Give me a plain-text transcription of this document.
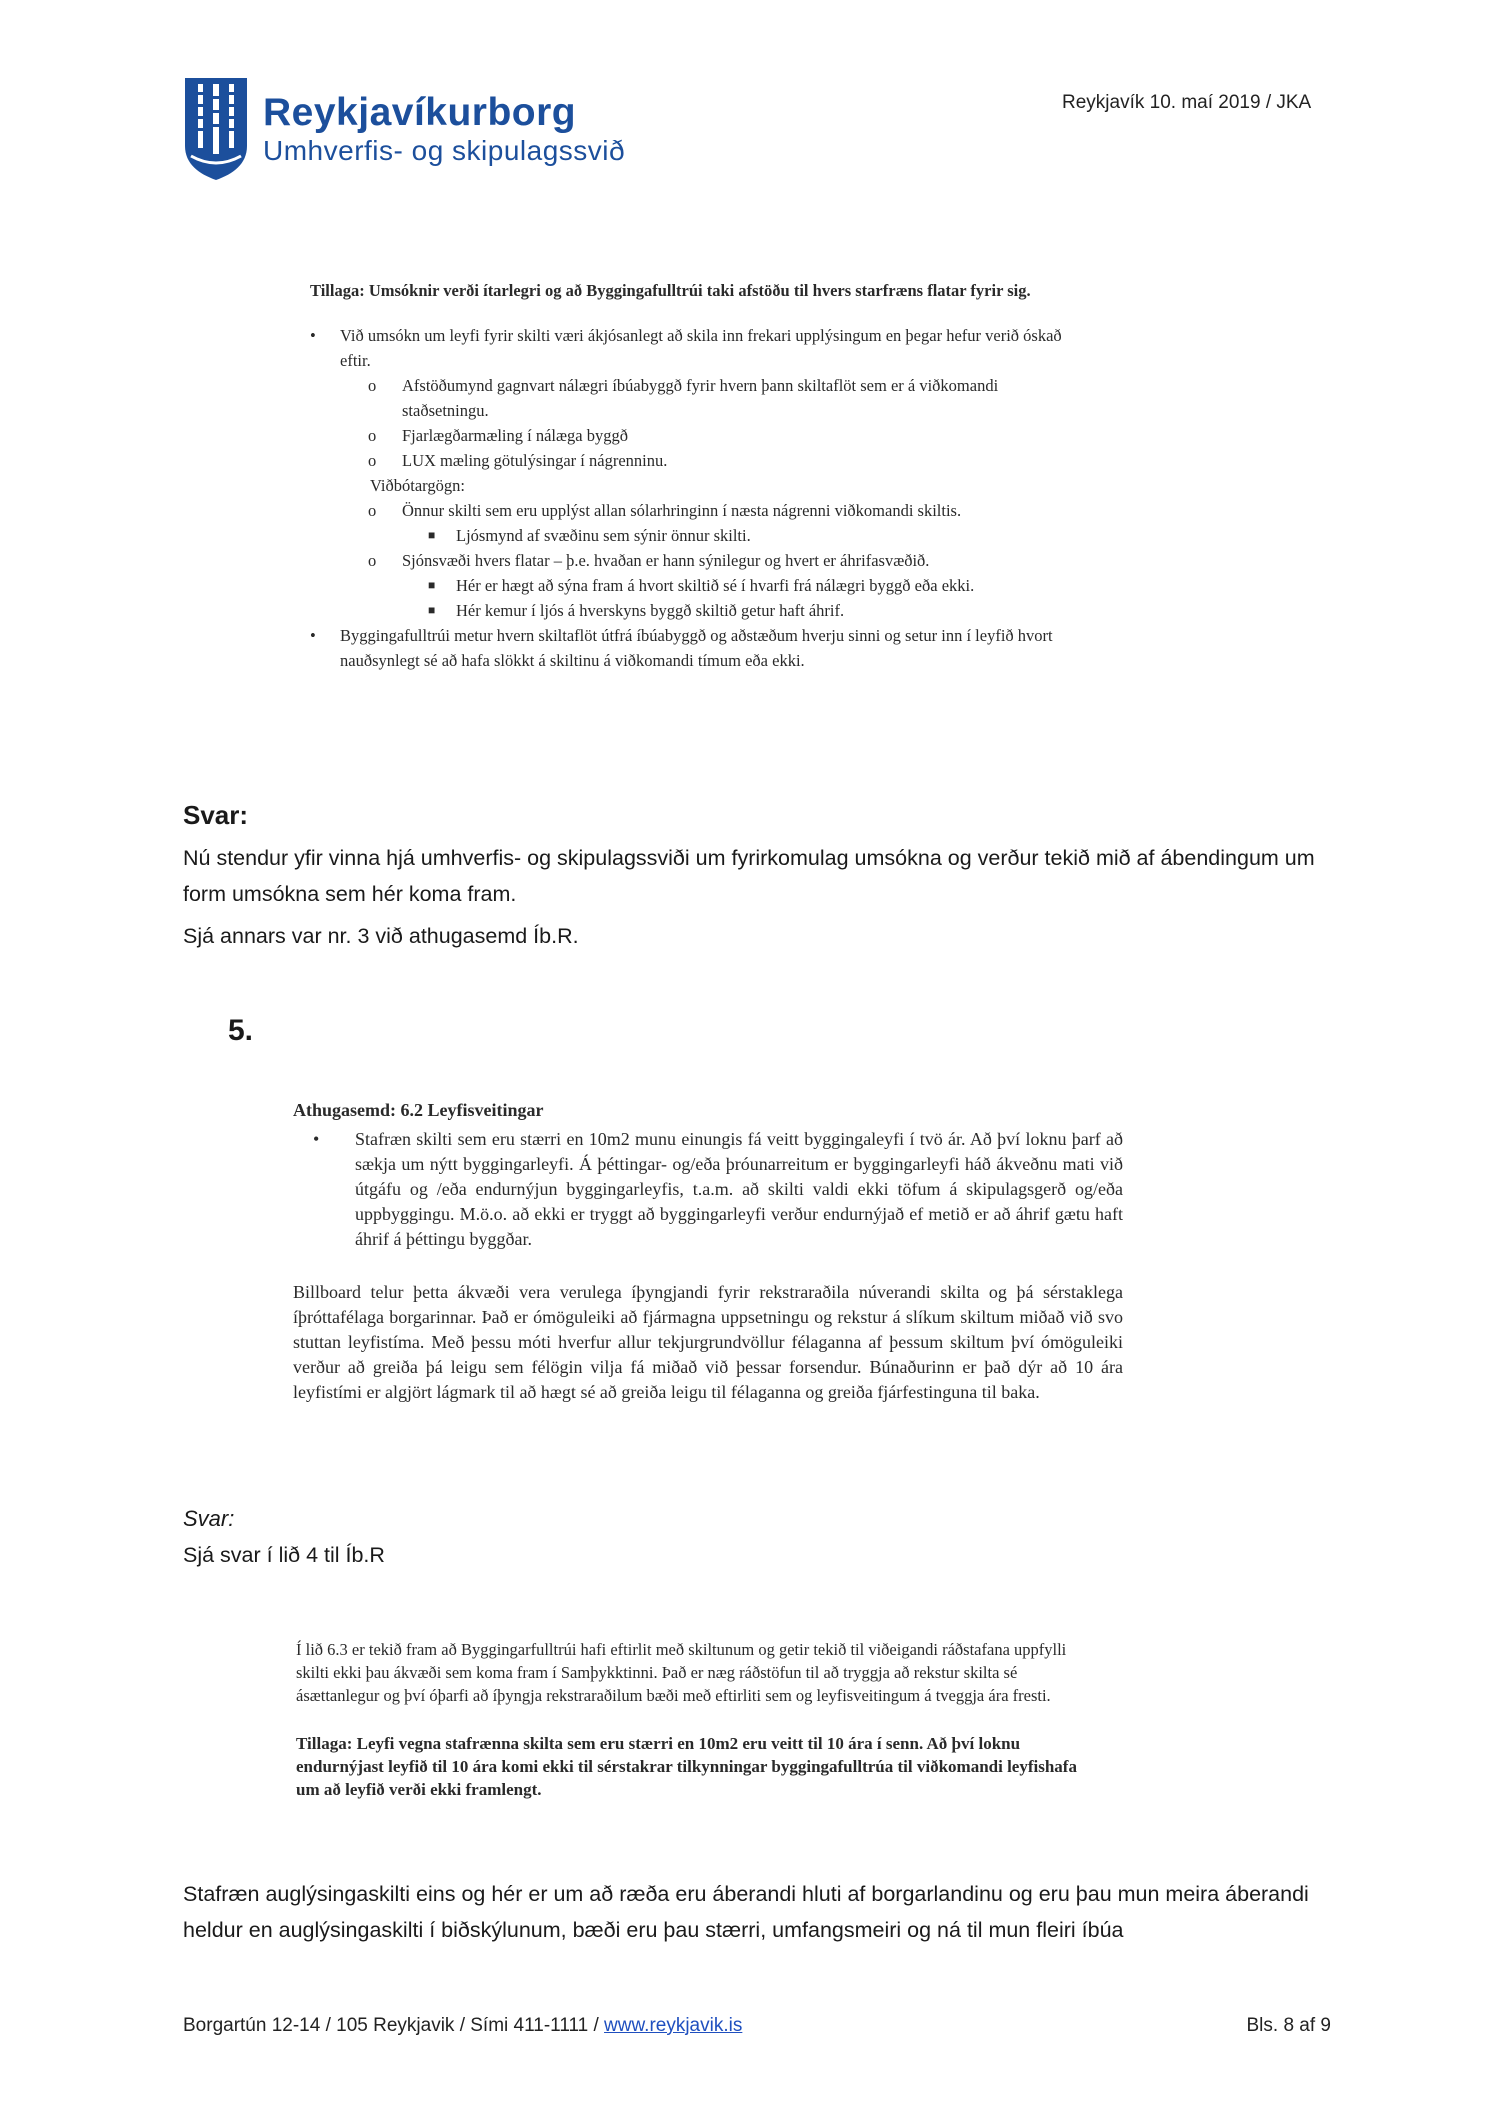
Reykjavíkurborg
Umhverfis- og skipulagssvið
Reykjavík 10. maí 2019 / JKA

Tillaga: Umsóknir verði ítarlegri og að Byggingafulltrúi taki afstöðu til hvers starfræns flatar fyrir sig.

• Við umsókn um leyfi fyrir skilti væri ákjósanlegt að skila inn frekari upplýsingum en þegar hefur verið óskað eftir.
o Afstöðumynd gagnvart nálægri íbúabyggð fyrir hvern þann skiltaflöt sem er á viðkomandi staðsetningu.
o Fjarlægðarmæling í nálæga byggð
o LUX mæling götulýsingar í nágrenninu.

Viðbótargögn:

o Önnur skilti sem eru upplýst allan sólarhringinn í næsta nágrenni viðkomandi skiltis.
■ Ljósmynd af svæðinu sem sýnir önnur skilti.
o Sjónsvæði hvers flatar – þ.e. hvaðan er hann sýnilegur og hvert er áhrifasvæðið.
■ Hér er hægt að sýna fram á hvort skiltið sé í hvarfi frá nálægri byggð eða ekki.
■ Hér kemur í ljós á hverskyns byggð skiltið getur haft áhrif.
• Byggingafulltrúi metur hvern skiltaflöt útfrá íbúabyggð og aðstæðum hverju sinni og setur inn í leyfið hvort nauðsynlegt sé að hafa slökkt á skiltinu á viðkomandi tímum eða ekki.
Svar:
Nú stendur yfir vinna hjá umhverfis- og skipulagssviði um fyrirkomulag umsókna og verður tekið mið af ábendingum um form umsókna sem hér koma fram.
Sjá annars var nr. 3 við athugasemd Íb.R.
5.

Athugasemd: 6.2 Leyfisveitingar

• Stafræn skilti sem eru stærri en 10m2 munu einungis fá veitt byggingaleyfi í tvö ár. Að því loknu þarf að sækja um nýtt byggingarleyfi. Á þéttingar- og/eða þróunarreitum er byggingarleyfi háð ákveðnu mati við útgáfu og /eða endurnýjun byggingarleyfis, t.a.m. að skilti valdi ekki töfum á skipulagsgerð og/eða uppbyggingu. M.ö.o. að ekki er tryggt að byggingarleyfi verður endurnýjað ef metið er að áhrif gætu haft áhrif á þéttingu byggðar.

Billboard telur þetta ákvæði vera verulega íþyngjandi fyrir rekstraraðila núverandi skilta og þá sérstaklega íþróttafélaga borgarinnar. Það er ómöguleiki að fjármagna uppsetningu og rekstur á slíkum skiltum miðað við svo stuttan leyfistíma. Með þessu móti hverfur allur tekjurgrundvöllur félaganna af þessum skiltum því ómöguleiki verður að greiða þá leigu sem félögin vilja fá miðað við þessar forsendur. Búnaðurinn er það dýr að 10 ára leyfistími er algjört lágmark til að hægt sé að greiða leigu til félaganna og greiða fjárfestinguna til baka.

Svar:
Sjá svar í lið 4 til Íb.R

Í lið 6.3 er tekið fram að Byggingarfulltrúi hafi eftirlit með skiltunum og getir tekið til viðeigandi ráðstafana uppfylli skilti ekki þau ákvæði sem koma fram í Samþykktinni. Það er næg ráðstöfun til að tryggja að rekstur skilta sé ásættanlegur og því óþarfi að íþyngja rekstraraðilum bæði með eftirliti sem og leyfisveitingum á tveggja ára fresti.

Tillaga: Leyfi vegna stafrænna skilta sem eru stærri en 10m2 eru veitt til 10 ára í senn. Að því loknu endurnýjast leyfið til 10 ára komi ekki til sérstakrar tilkynningar byggingafulltrúa til viðkomandi leyfishafa um að leyfið verði ekki framlengt.

Stafræn auglýsingaskilti eins og hér er um að ræða eru áberandi hluti af borgarlandinu og eru þau mun meira áberandi heldur en auglýsingaskilti í biðskýlunum, bæði eru þau stærri, umfangsmeiri og ná til mun fleiri íbúa
Borgartún 12-14 / 105 Reykjavik / Sími 411-1111 / www.reykjavik.is	Bls. 8 af 9
